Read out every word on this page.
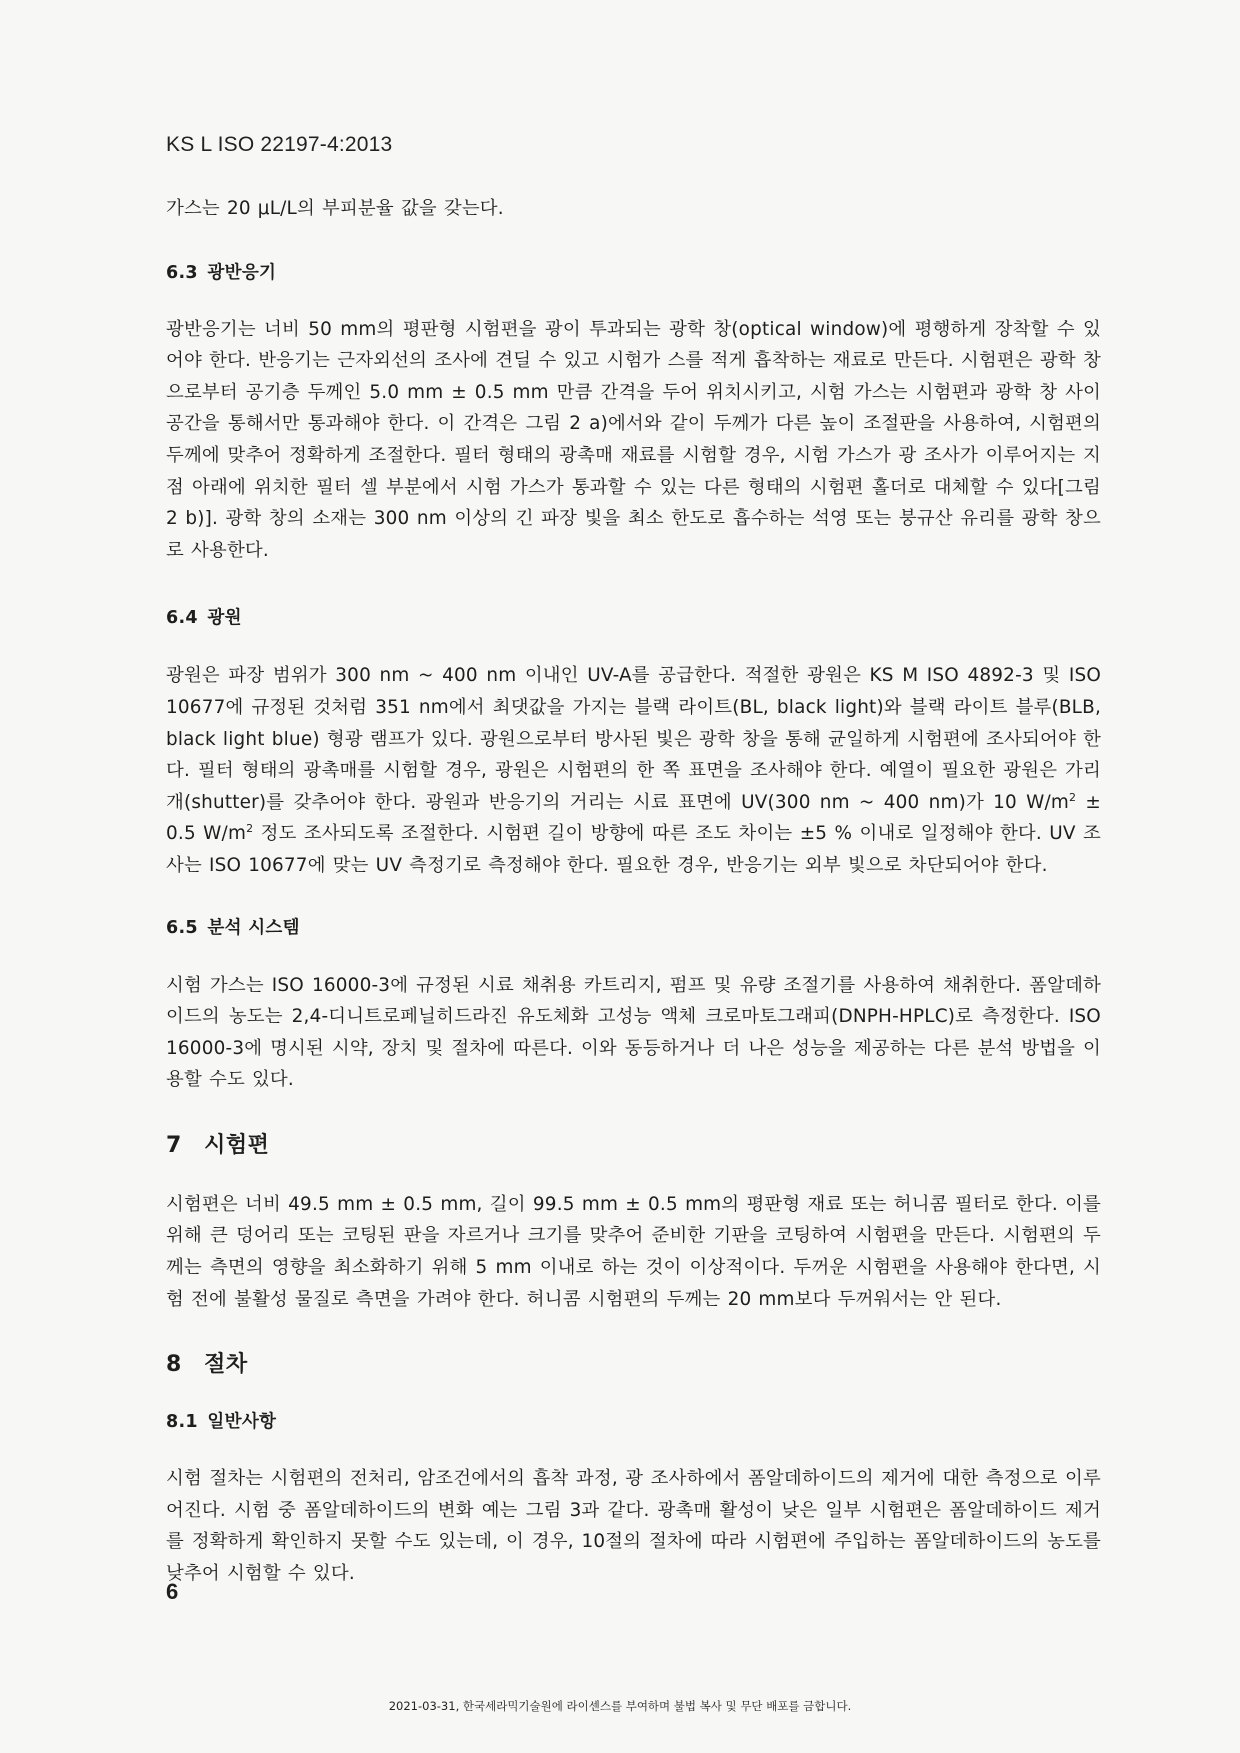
KS L ISO 22197-4:2013

가스는 20 μL/L의 부피분율 값을 갖는다.

6.3 광반응기

광반응기는 너비 50 mm의 평판형 시험편을 광이 투과되는 광학 창(optical window)에 평행하게 장착할 수 있어야 한다. 반응기는 근자외선의 조사에 견딜 수 있고 시험가 스를 적게 흡착하는 재료로 만든다. 시험편은 광학 창으로부터 공기층 두께인 5.0 mm ± 0.5 mm 만큼 간격을 두어 위치시키고, 시험 가스는 시험편과 광학 창 사이 공간을 통해서만 통과해야 한다. 이 간격은 그림 2 a)에서와 같이 두께가 다른 높이 조절판을 사용하여, 시험편의 두께에 맞추어 정확하게 조절한다. 필터 형태의 광촉매 재료를 시험할 경우, 시험 가스가 광 조사가 이루어지는 지점 아래에 위치한 필터 셀 부분에서 시험 가스가 통과할 수 있는 다른 형태의 시험편 홀더로 대체할 수 있다[그림 2 b)]. 광학 창의 소재는 300 nm 이상의 긴 파장 빛을 최소 한도로 흡수하는 석영 또는 붕규산 유리를 광학 창으로 사용한다.

6.4 광원

광원은 파장 범위가 300 nm ~ 400 nm 이내인 UV-A를 공급한다. 적절한 광원은 KS M ISO 4892-3 및 ISO 10677에 규정된 것처럼 351 nm에서 최댓값을 가지는 블랙 라이트(BL, black light)와 블랙 라이트 블루(BLB, black light blue) 형광 램프가 있다. 광원으로부터 방사된 빛은 광학 창을 통해 균일하게 시험편에 조사되어야 한다. 필터 형태의 광촉매를 시험할 경우, 광원은 시험편의 한 쪽 표면을 조사해야 한다. 예열이 필요한 광원은 가리개(shutter)를 갖추어야 한다. 광원과 반응기의 거리는 시료 표면에 UV(300 nm ~ 400 nm)가 10 $W/m^2 \pm 0.5$ $W/m^2$ 정도 조사되도록 조절한다. 시험편 길이 방향에 따른 조도 차이는 ±5 % 이내로 일정해야 한다. UV 조사는 ISO 10677에 맞는 UV 측정기로 측정해야 한다. 필요한 경우, 반응기는 외부 빛으로 차단되어야 한다.

6.5 분석 시스템

시험 가스는 ISO 16000-3에 규정된 시료 채취용 카트리지, 펌프 및 유량 조절기를 사용하여 채취한다. 폼알데하이드의 농도는 2,4-디니트로페닐히드라진 유도체화 고성능 액체 크로마토그래피(DNPH-HPLC)로 측정한다. ISO 16000-3에 명시된 시약, 장치 및 절차에 따른다. 이와 동등하거나 더 나은 성능을 제공하는 다른 분석 방법을 이용할 수도 있다.

7 시험편

시험편은 너비 49.5 mm ± 0.5 mm, 길이 99.5 mm ± 0.5 mm의 평판형 재료 또는 허니콤 필터로 한다. 이를 위해 큰 덩어리 또는 코팅된 판을 자르거나 크기를 맞추어 준비한 기판을 코팅하여 시험편을 만든다. 시험편의 두께는 측면의 영향을 최소화하기 위해 5 mm 이내로 하는 것이 이상적이다. 두꺼운 시험편을 사용해야 한다면, 시험 전에 불활성 물질로 측면을 가려야 한다. 허니콤 시험편의 두께는 20 mm보다 두꺼워서는 안 된다.

8 절차
8.1 일반사항

시험 절차는 시험편의 전처리, 암조건에서의 흡착 과정, 광 조사하에서 폼알데하이드의 제거에 대한 측정으로 이루어진다. 시험 중 폼알데하이드의 변화 예는 그림 3과 같다. 광촉매 활성이 낮은 일부 시험편은 폼알데하이드 제거를 정확하게 확인하지 못할 수도 있는데, 이 경우, 10절의 절차에 따라 시험편에 주입하는 폼알데하이드의 농도를 낮추어 시험할 수 있다.

6
2021-03-31, 한국세라믹기술원에 라이센스를 부여하며 불법 복사 및 무단 배포를 금합니다.
